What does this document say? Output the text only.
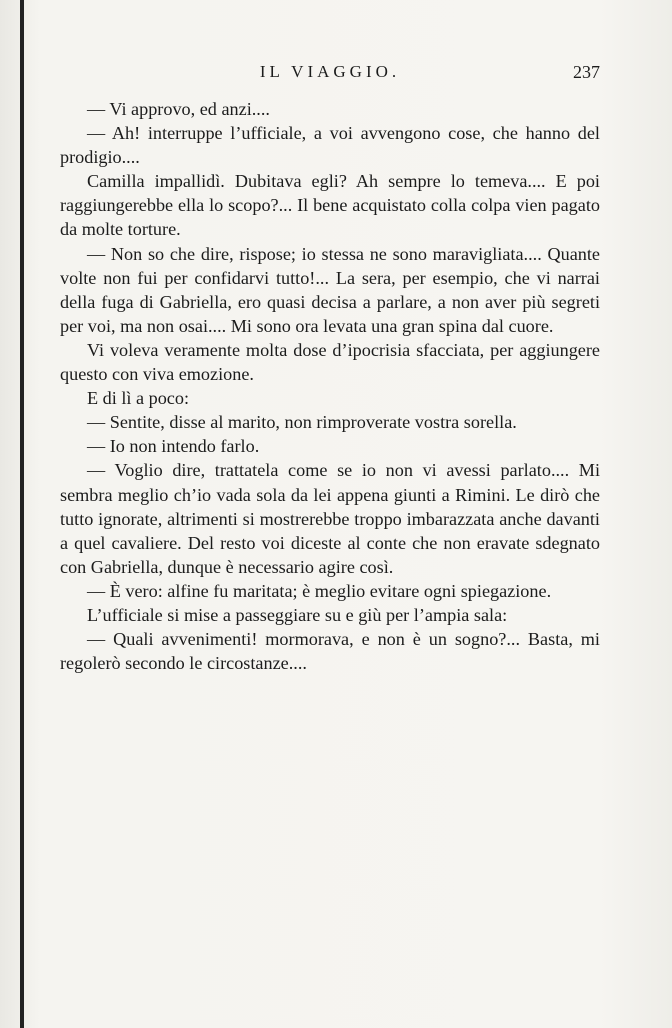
IL VIAGGIO.	237

— Vi approvo, ed anzi....

— Ah! interruppe l’ufficiale, a voi avvengono cose, che hanno del prodigio....

Camilla impallidì. Dubitava egli? Ah sempre lo temeva.... E poi raggiungerebbe ella lo scopo?... Il bene acquistato colla colpa vien pagato da molte torture.

— Non so che dire, rispose; io stessa ne sono maravigliata.... Quante volte non fui per confidarvi tutto!... La sera, per esempio, che vi narrai della fuga di Gabriella, ero quasi decisa a parlare, a non aver più segreti per voi, ma non osai.... Mi sono ora levata una gran spina dal cuore.

Vi voleva veramente molta dose d’ipocrisia sfacciata, per aggiungere questo con viva emozione.

E di lì a poco:

— Sentite, disse al marito, non rimproverate vostra sorella.

— Io non intendo farlo.

— Voglio dire, trattatela come se io non vi avessi parlato.... Mi sembra meglio ch’io vada sola da lei appena giunti a Rimini. Le dirò che tutto ignorate, altrimenti si mostrerebbe troppo imbarazzata anche davanti a quel cavaliere. Del resto voi diceste al conte che non eravate sdegnato con Gabriella, dunque è necessario agire così.

— È vero: alfine fu maritata; è meglio evitare ogni spiegazione.

L’ufficiale si mise a passeggiare su e giù per l’ampia sala:

— Quali avvenimenti! mormorava, e non è un sogno?... Basta, mi regolerò secondo le circostanze....
